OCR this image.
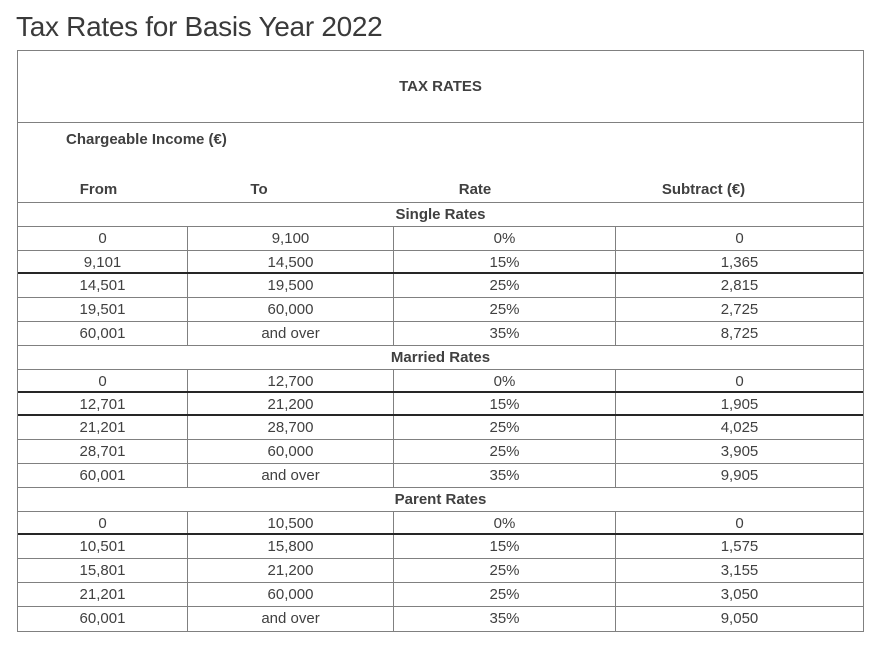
Tax Rates for Basis Year 2022
TAX RATES
Chargeable Income (€)
From	To	Rate	Subtract (€)
Single Rates
0	9,100	0%	0
9,101	14,500	15%	1,365
14,501	19,500	25%	2,815
19,501	60,000	25%	2,725
60,001	and over	35%	8,725
Married Rates
0	12,700	0%	0
12,701	21,200	15%	1,905
21,201	28,700	25%	4,025
28,701	60,000	25%	3,905
60,001	and over	35%	9,905
Parent Rates
0	10,500	0%	0
10,501	15,800	15%	1,575
15,801	21,200	25%	3,155
21,201	60,000	25%	3,050
60,001	and over	35%	9,050
